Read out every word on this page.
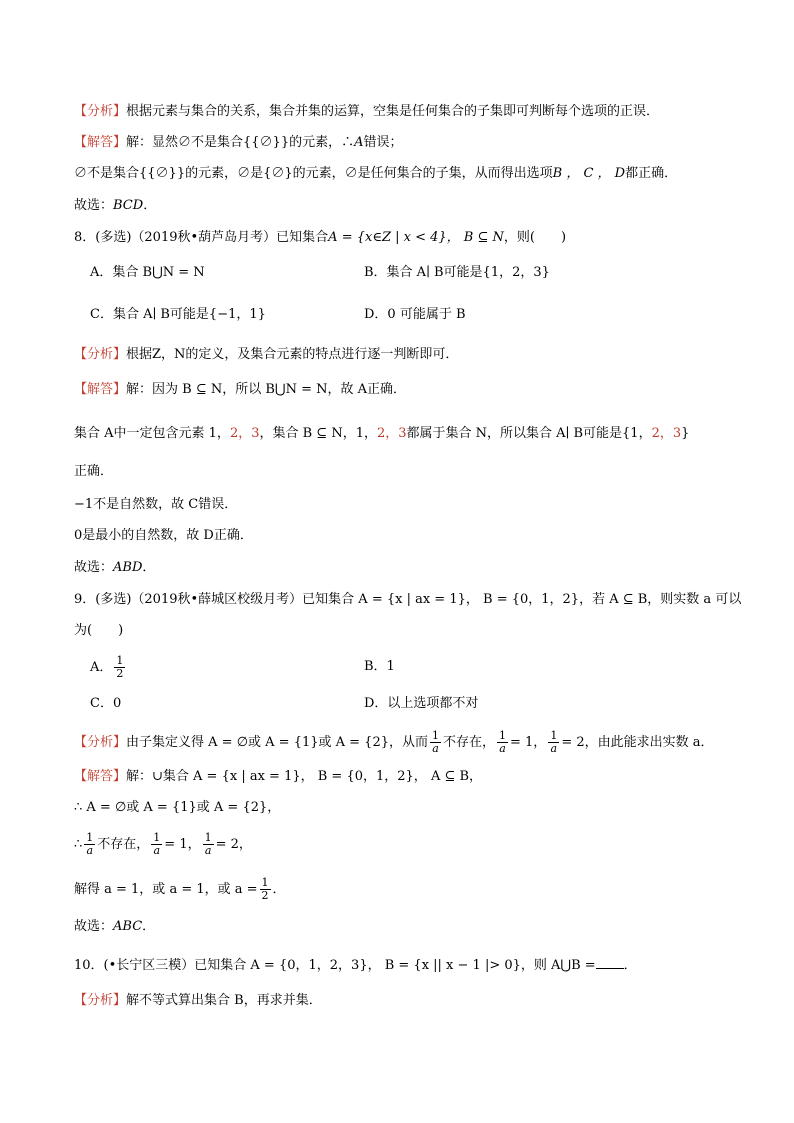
【分析】根据元素与集合的关系，集合并集的运算，空集是任何集合的子集即可判断每个选项的正误．
【解答】解：显然∅不是集合{{∅}}的元素，∴A错误；
∅不是集合{{∅}}的元素，∅是{∅}的元素，∅是任何集合的子集，从而得出选项B ， C ， D都正确．
故选：BCD．
8．(多选)（2019秋•葫芦岛月考）已知集合A = {x∈Z | x < 4}， B ⊆ N，则(　　)
A．集合 B⋃N = N	B．集合 A∣ B可能是{1，2，3}
C．集合 A∣ B可能是{−1，1}	D．0 可能属于 B
【分析】根据Z，N的定义，及集合元素的特点进行逐一判断即可．
【解答】解：因为 B ⊆ N，所以 B⋃N = N，故 A正确．
集合 A中一定包含元素 1，2，3，集合 B ⊆ N，1，2，3都属于集合 N，所以集合 A∣ B可能是{1，2，3}
正确．
−1不是自然数，故 C错误．
0是最小的自然数，故 D正确．
故选：ABD．
9．(多选)（2019秋•薛城区校级月考）已知集合 A = {x | ax = 1}， B = {0，1，2}，若 A ⊆ B，则实数 a 可以
为(　　)
A． $\frac{1}{2}$	B．1
C．0	D．以上选项都不对
【分析】由子集定义得 A = ∅或 A = {1}或 A = {2}，从而 $\frac{1}{a}$ 不存在， $\frac{1}{a} = 1$， $\frac{1}{a} = 2$，由此能求出实数 a．
【解答】解：∪集合 A = {x | ax = 1}， B = {0，1，2}， A ⊆ B，
∴ A = ∅或 A = {1}或 A = {2}，
∴ $\frac{1}{a}$ 不存在， $\frac{1}{a} = 1$， $\frac{1}{a} = 2$，
解得 a = 1，或 a = 1，或 $a = \frac{1}{2}$ ．
故选：ABC．
10．(•长宁区三模）已知集合 A = {0，1，2，3}， B = {x || x − 1 |> 0}，则 A⋃B = ．
【分析】解不等式算出集合 B，再求并集．
